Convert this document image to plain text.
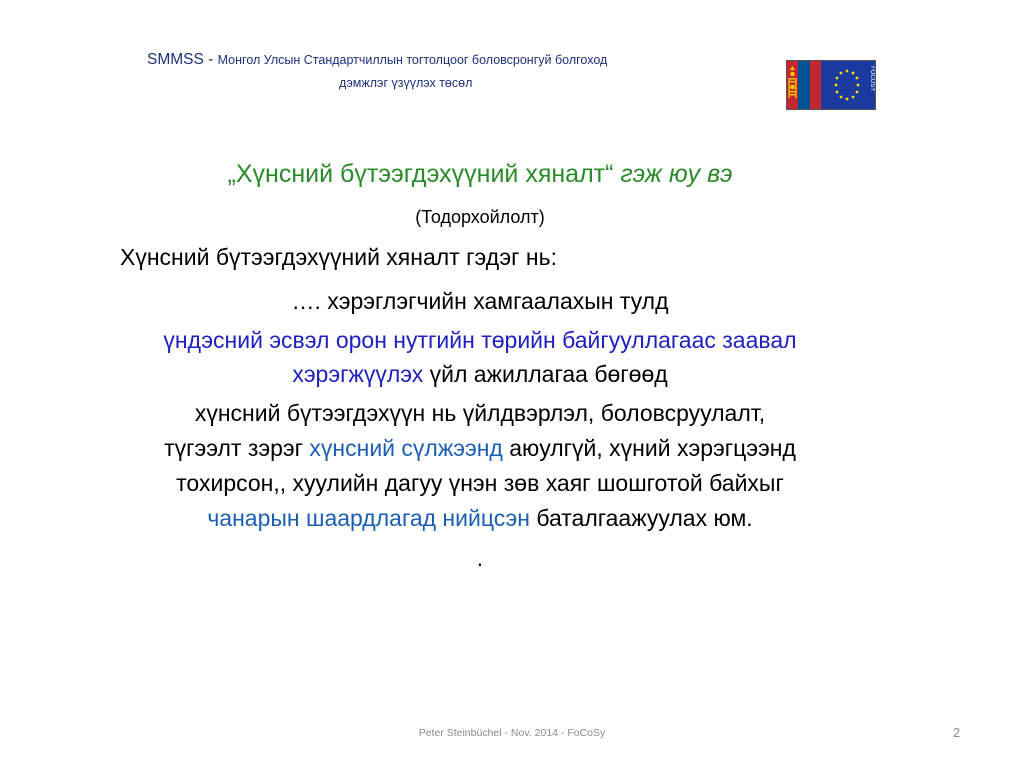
SMMSS - Монгол Улсын Стандартчиллын тогтолцоог боловсронгуй болгоход
дэмжлэг үзүүлэх төсөл	FOCOSY
„Хүнсний бүтээгдэхүүний хяналт“ гэж юу вэ
(Тодорхойлолт)
Хүнсний бүтээгдэхүүний хяналт гэдэг нь:
…. хэрэглэгчийн хамгаалахын тулд
үндэсний эсвэл орон нутгийн төрийн байгууллагаас заавал
хэрэгжүүлэх үйл ажиллагаа бөгөөд
хүнсний бүтээгдэхүүн нь үйлдвэрлэл, боловсруулалт,
түгээлт зэрэг хүнсний сүлжээнд аюулгүй, хүний хэрэгцээнд
тохирсон,, хуулийн дагуу үнэн зөв хаяг шошготой байхыг
чанарын шаардлагад нийцсэн баталгаажуулах юм.
.
Peter Steinbüchel - Nov. 2014 - FoCoSy	2
